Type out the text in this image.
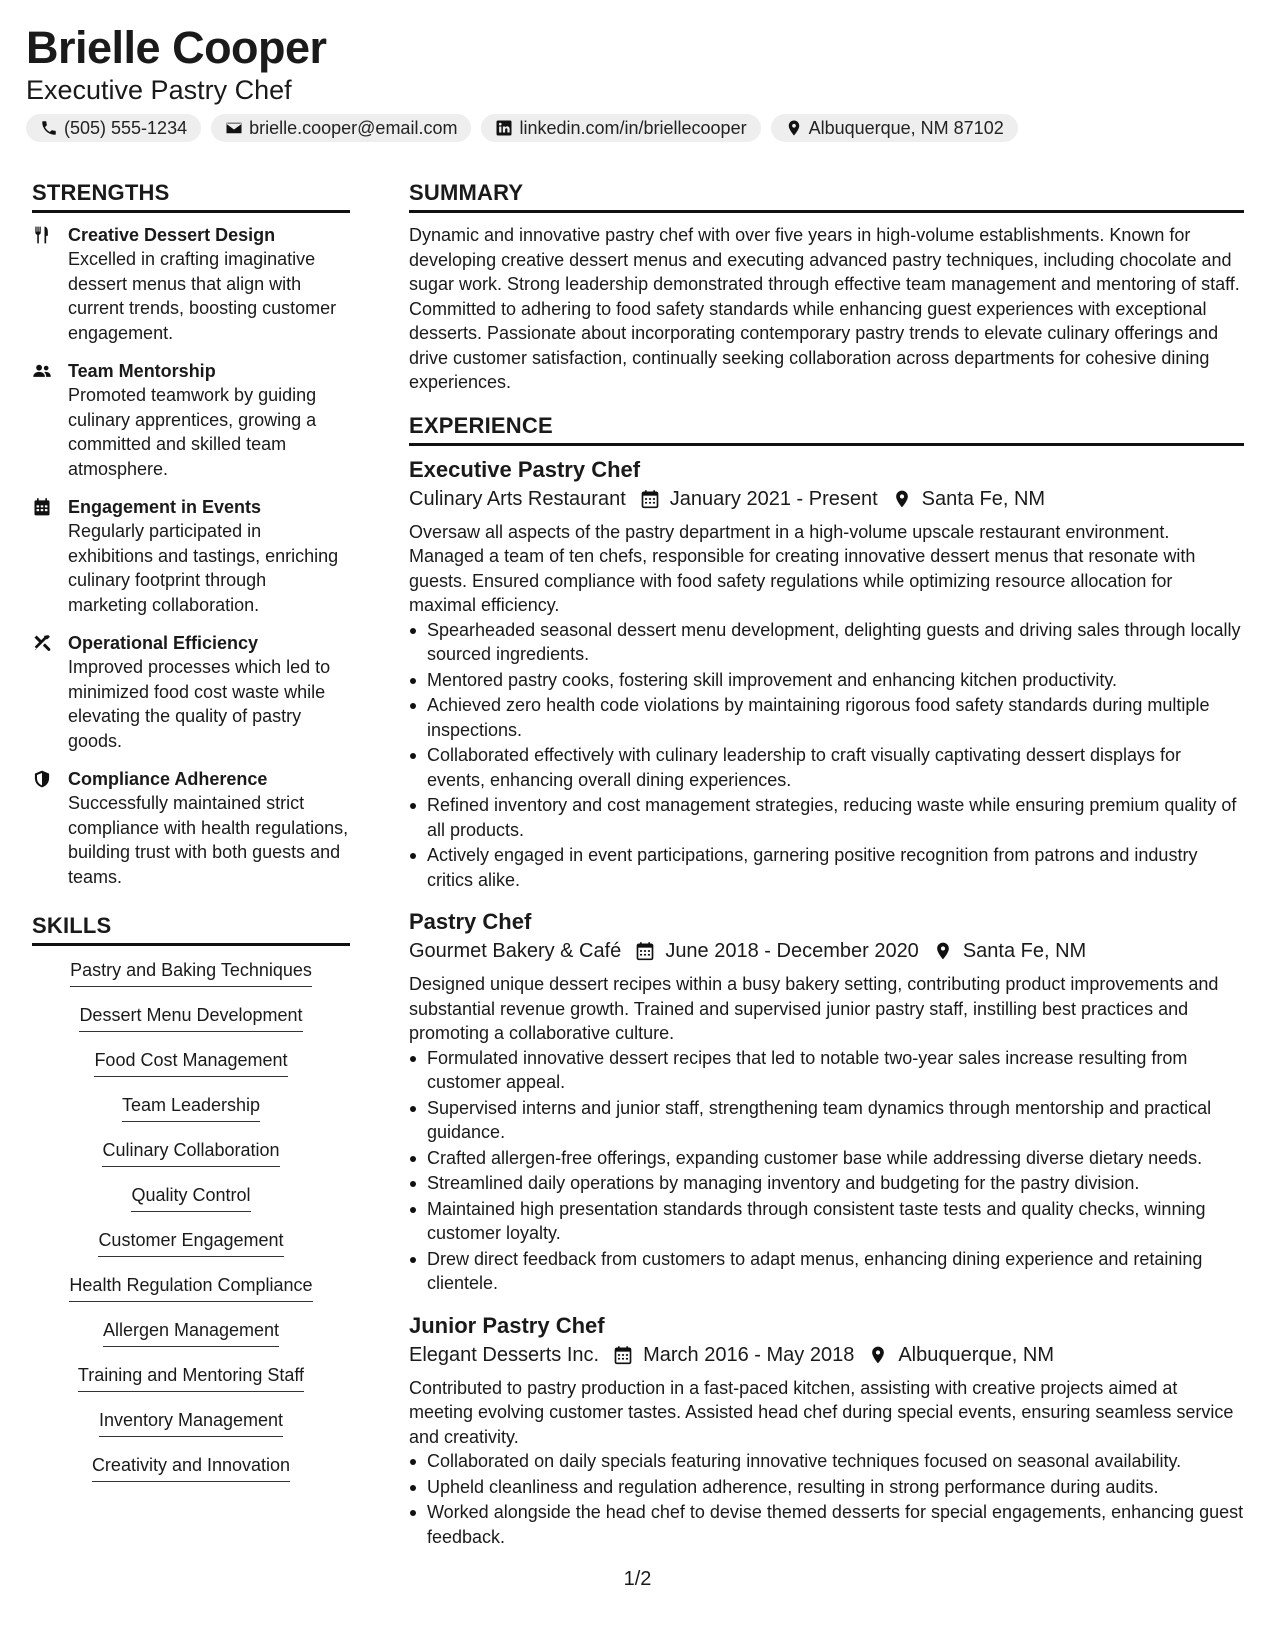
Brielle Cooper
Executive Pastry Chef
(505) 555-1234	brielle.cooper@email.com	linkedin.com/in/briellecooper	Albuquerque, NM 87102
STRENGTHS
Creative Dessert Design
Excelled in crafting imaginative dessert menus that align with current trends, boosting customer engagement.
Team Mentorship
Promoted teamwork by guiding culinary apprentices, growing a committed and skilled team atmosphere.
Engagement in Events
Regularly participated in exhibitions and tastings, enriching culinary footprint through marketing collaboration.
Operational Efficiency
Improved processes which led to minimized food cost waste while elevating the quality of pastry goods.
Compliance Adherence
Successfully maintained strict compliance with health regulations, building trust with both guests and teams.
SKILLS
Pastry and Baking Techniques
Dessert Menu Development
Food Cost Management
Team Leadership
Culinary Collaboration
Quality Control
Customer Engagement
Health Regulation Compliance
Allergen Management
Training and Mentoring Staff
Inventory Management
Creativity and Innovation
SUMMARY

Dynamic and innovative pastry chef with over five years in high-volume establishments. Known for developing creative dessert menus and executing advanced pastry techniques, including chocolate and sugar work. Strong leadership demonstrated through effective team management and mentoring of staff. Committed to adhering to food safety standards while enhancing guest experiences with exceptional desserts. Passionate about incorporating contemporary pastry trends to elevate culinary offerings and drive customer satisfaction, continually seeking collaboration across departments for cohesive dining experiences.

EXPERIENCE
Executive Pastry Chef
Culinary Arts Restaurant January 2021 - Present Santa Fe, NM

Oversaw all aspects of the pastry department in a high-volume upscale restaurant environment. Managed a team of ten chefs, responsible for creating innovative dessert menus that resonate with guests. Ensured compliance with food safety regulations while optimizing resource allocation for maximal efficiency.

Spearheaded seasonal dessert menu development, delighting guests and driving sales through locally sourced ingredients.
Mentored pastry cooks, fostering skill improvement and enhancing kitchen productivity.
Achieved zero health code violations by maintaining rigorous food safety standards during multiple inspections.
Collaborated effectively with culinary leadership to craft visually captivating dessert displays for events, enhancing overall dining experiences.
Refined inventory and cost management strategies, reducing waste while ensuring premium quality of all products.
Actively engaged in event participations, garnering positive recognition from patrons and industry critics alike.
Pastry Chef
Gourmet Bakery & Café June 2018 - December 2020 Santa Fe, NM

Designed unique dessert recipes within a busy bakery setting, contributing product improvements and substantial revenue growth. Trained and supervised junior pastry staff, instilling best practices and promoting a collaborative culture.

Formulated innovative dessert recipes that led to notable two-year sales increase resulting from customer appeal.
Supervised interns and junior staff, strengthening team dynamics through mentorship and practical guidance.
Crafted allergen-free offerings, expanding customer base while addressing diverse dietary needs.
Streamlined daily operations by managing inventory and budgeting for the pastry division.
Maintained high presentation standards through consistent taste tests and quality checks, winning customer loyalty.
Drew direct feedback from customers to adapt menus, enhancing dining experience and retaining clientele.
Junior Pastry Chef
Elegant Desserts Inc. March 2016 - May 2018 Albuquerque, NM

Contributed to pastry production in a fast-paced kitchen, assisting with creative projects aimed at meeting evolving customer tastes. Assisted head chef during special events, ensuring seamless service and creativity.

Collaborated on daily specials featuring innovative techniques focused on seasonal availability.
Upheld cleanliness and regulation adherence, resulting in strong performance during audits.
Worked alongside the head chef to devise themed desserts for special engagements, enhancing guest feedback.
1/2
